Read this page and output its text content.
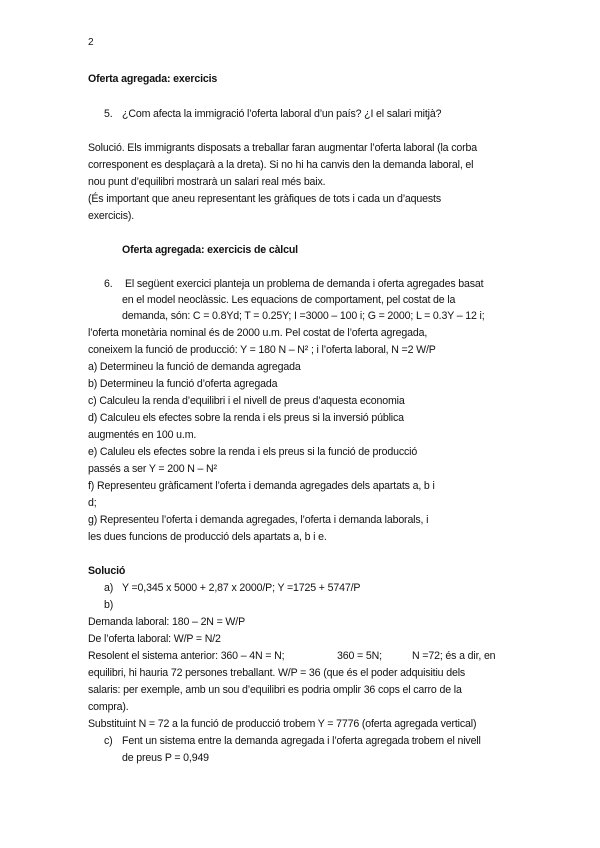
2
Oferta agregada: exercicis
5. ¿Com afecta la immigració l’oferta laboral d’un país? ¿I el salari mitjà?
Solució. Els immigrants disposats a treballar faran augmentar l’oferta laboral (la corba
corresponent es desplaçarà a la dreta). Si no hi ha canvis den la demanda laboral, el
nou punt d’equilibri mostrarà un salari real més baix.
(És important que aneu representant les gràfiques de tots i cada un d’aquests
exercicis).
Oferta agregada: exercicis de càlcul
6. El següent exercici planteja un problema de demanda i oferta agregades basat
en el model neoclàssic. Les equacions de comportament, pel costat de la
demanda, són: C = 0.8Yd; T = 0.25Y; I =3000 – 100 i; G = 2000; L = 0.3Y – 12 i;
l’oferta monetària nominal és de 2000 u.m. Pel costat de l’oferta agregada,
coneixem la funció de producció: Y = 180 N – N² ; i l’oferta laboral, N =2 W/P
a) Determineu la funció de demanda agregada
b) Determineu la funció d’oferta agregada
c) Calculeu la renda d’equilibri i el nivell de preus d’aquesta economia
d) Calculeu els efectes sobre la renda i els preus si la inversió pública
augmentés en 100 u.m.
e) Caluleu els efectes sobre la renda i els preus si la funció de producció
passés a ser Y = 200 N – N²
f) Representeu gràficament l’oferta i demanda agregades dels apartats a, b i
d;
g) Representeu l’oferta i demanda agregades, l’oferta i demanda laborals, i
les dues funcions de producció dels apartats a, b i e.
Solució
a) Y =0,345 x 5000 + 2,87 x 2000/P; Y =1725 + 5747/P
b)
Demanda laboral: 180 – 2N = W/P
De l’oferta laboral: W/P = N/2
Resolent el sistema anterior: 360 – 4N = N;	360 = 5N;	N =72; és a dir, en
equilibri, hi hauria 72 persones treballant. W/P = 36 (que és el poder adquisitiu dels
salaris: per exemple, amb un sou d’equilibri es podria omplir 36 cops el carro de la
compra).
Substituint N = 72 a la funció de producció trobem Y = 7776 (oferta agregada vertical)
c) Fent un sistema entre la demanda agregada i l’oferta agregada trobem el nivell
de preus P = 0,949
